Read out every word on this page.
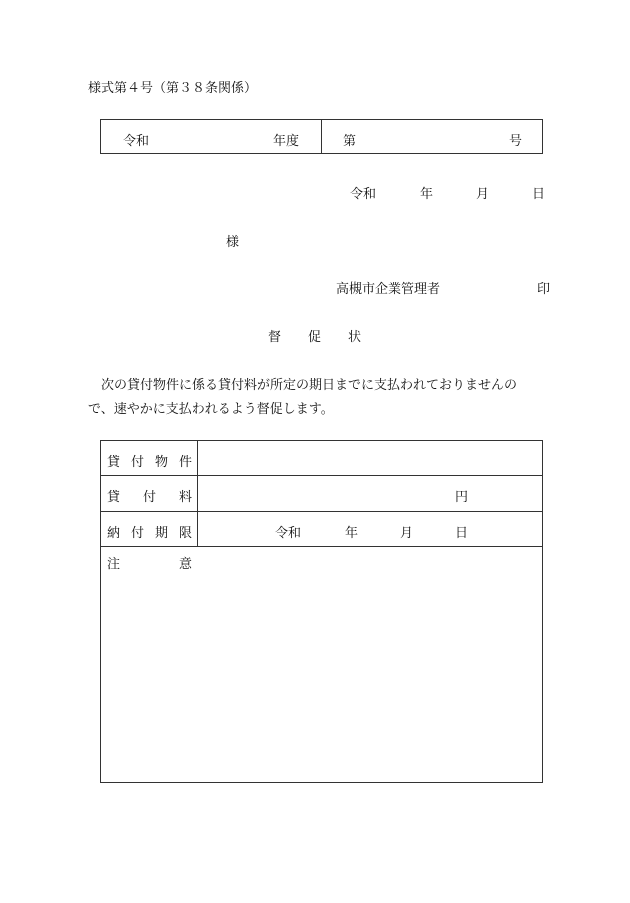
様式第４号（第３８条関係）
令和	年度	第	号
令和	年	月	日
様
高槻市企業管理者	印
督 促 状

次の貸付物件に係る貸付料が所定の期日までに支払われておりませんの

で、速やかに支払われるよう督促します。

貸 付 物 件
貸 付 料	円
納 付 期 限	令和	年	月	日
注	意
